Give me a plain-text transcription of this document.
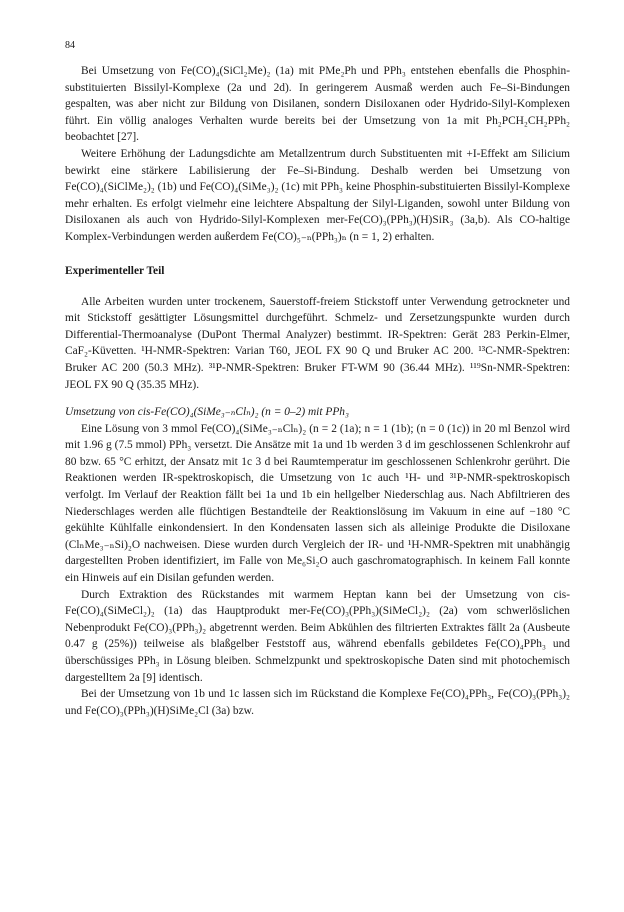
84

Bei Umsetzung von Fe(CO)₄(SiCl₂Me)₂ (1a) mit PMe₂Ph und PPh₃ entstehen ebenfalls die Phosphin-substituierten Bissilyl-Komplexe (2a und 2d). In geringerem Ausmaß werden auch Fe–Si-Bindungen gespalten, was aber nicht zur Bildung von Disilanen, sondern Disiloxanen oder Hydrido-Silyl-Komplexen führt. Ein völlig analoges Verhalten wurde bereits bei der Umsetzung von 1a mit Ph₂PCH₂CH₂PPh₂ beobachtet [27].

Weitere Erhöhung der Ladungsdichte am Metallzentrum durch Substituenten mit +I-Effekt am Silicium bewirkt eine stärkere Labilisierung der Fe–Si-Bindung. Deshalb werden bei Umsetzung von Fe(CO)₄(SiClMe₂)₂ (1b) und Fe(CO)₄(SiMe₃)₂ (1c) mit PPh₃ keine Phosphin-substituierten Bissilyl-Komplexe mehr erhalten. Es erfolgt vielmehr eine leichtere Abspaltung der Silyl-Liganden, sowohl unter Bildung von Disiloxanen als auch von Hydrido-Silyl-Komplexen mer-Fe(CO)₃(PPh₃)(H)SiR₃ (3a,b). Als CO-haltige Komplex-Verbindungen werden außerdem Fe(CO)₅₋ₙ(PPh₃)ₙ (n = 1, 2) erhalten.

Experimenteller Teil

Alle Arbeiten wurden unter trockenem, Sauerstoff-freiem Stickstoff unter Verwendung getrockneter und mit Stickstoff gesättigter Lösungsmittel durchgeführt. Schmelz- und Zersetzungspunkte wurden durch Differential-Thermoanalyse (DuPont Thermal Analyzer) bestimmt. IR-Spektren: Gerät 283 Perkin-Elmer, CaF₂-Küvetten. ¹H-NMR-Spektren: Varian T60, JEOL FX 90 Q und Bruker AC 200. ¹³C-NMR-Spektren: Bruker AC 200 (50.3 MHz). ³¹P-NMR-Spektren: Bruker FT-WM 90 (36.44 MHz). ¹¹⁹Sn-NMR-Spektren: JEOL FX 90 Q (35.35 MHz).

Umsetzung von cis-Fe(CO)₄(SiMe₃₋ₙClₙ)₂ (n = 0–2) mit PPh₃

Eine Lösung von 3 mmol Fe(CO)₄(SiMe₃₋ₙClₙ)₂ (n = 2 (1a); n = 1 (1b); (n = 0 (1c)) in 20 ml Benzol wird mit 1.96 g (7.5 mmol) PPh₃ versetzt. Die Ansätze mit 1a und 1b werden 3 d im geschlossenen Schlenkrohr auf 80 bzw. 65 °C erhitzt, der Ansatz mit 1c 3 d bei Raumtemperatur im geschlossenen Schlenkrohr gerührt. Die Reaktionen werden IR-spektroskopisch, die Umsetzung von 1c auch ¹H- und ³¹P-NMR-spektroskopisch verfolgt. Im Verlauf der Reaktion fällt bei 1a und 1b ein hellgelber Niederschlag aus. Nach Abfiltrieren des Niederschlages werden alle flüchtigen Bestandteile der Reaktionslösung im Vakuum in eine auf −180 °C gekühlte Kühlfalle einkondensiert. In den Kondensaten lassen sich als alleinige Produkte die Disiloxane (ClₙMe₃₋ₙSi)₂O nachweisen. Diese wurden durch Vergleich der IR- und ¹H-NMR-Spektren mit unabhängig dargestellten Proben identifiziert, im Falle von Me₆Si₂O auch gaschromatographisch. In keinem Fall konnte ein Hinweis auf ein Disilan gefunden werden.

Durch Extraktion des Rückstandes mit warmem Heptan kann bei der Umsetzung von cis-Fe(CO)₄(SiMeCl₂)₂ (1a) das Hauptprodukt mer-Fe(CO)₃(PPh₃)(SiMeCl₂)₂ (2a) vom schwerlöslichen Nebenprodukt Fe(CO)₃(PPh₃)₂ abgetrennt werden. Beim Abkühlen des filtrierten Extraktes fällt 2a (Ausbeute 0.47 g (25%)) teilweise als blaßgelber Feststoff aus, während ebenfalls gebildetes Fe(CO)₄PPh₃ und überschüssiges PPh₃ in Lösung bleiben. Schmelzpunkt und spektroskopische Daten sind mit photochemisch dargestelltem 2a [9] identisch.

Bei der Umsetzung von 1b und 1c lassen sich im Rückstand die Komplexe Fe(CO)₄PPh₃, Fe(CO)₃(PPh₃)₂ und Fe(CO)₃(PPh₃)(H)SiMe₂Cl (3a) bzw.
